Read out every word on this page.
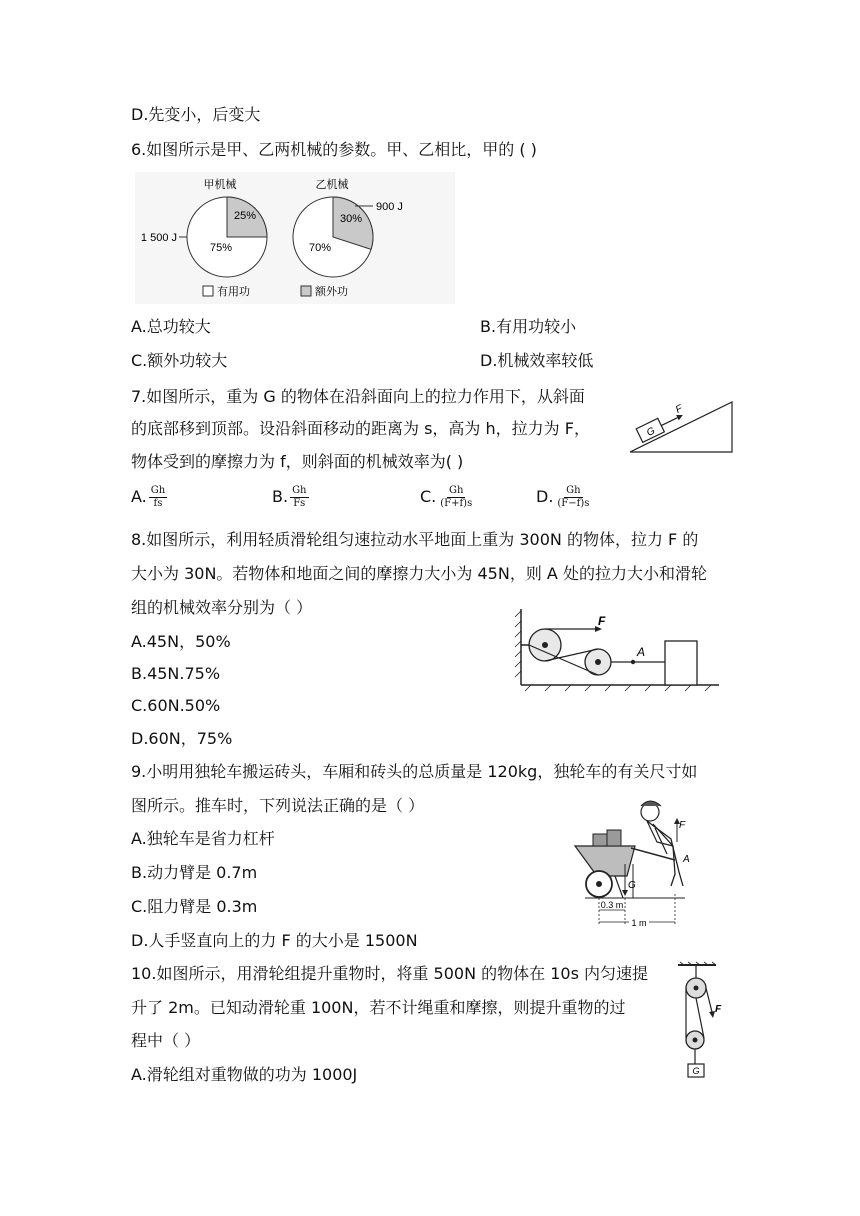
D.先变小，后变大
6.如图所示是甲、乙两机械的参数。甲、乙相比，甲的 ( )
甲机械
25%
75%
1 500 J
乙机械
30%
70%
900 J
有用功	额外功
A.总功较大	B.有用功较小
C.额外功较大	D.机械效率较低
7.如图所示，重为 G 的物体在沿斜面向上的拉力作用下，从斜面
的底部移到顶部。设沿斜面移动的距离为 s，高为 h，拉力为 F，
物体受到的摩擦力为 f，则斜面的机械效率为( )
G
F
A. $\frac{Gh}{fs}$	B. $\frac{Gh}{Fs}$	C. $\frac{Gh}{(F+f)s}$	D. $\frac{Gh}{(F-f)s}$
8.如图所示，利用轻质滑轮组匀速拉动水平地面上重为 300N 的物体，拉力 F 的
大小为 30N。若物体和地面之间的摩擦力大小为 45N，则 A 处的拉力大小和滑轮
组的机械效率分别为（ ）
F
A
A.45N，50%
B.45N.75%
C.60N.50%
D.60N，75%
9.小明用独轮车搬运砖头，车厢和砖头的总质量是 120kg，独轮车的有关尺寸如
图所示。推车时，下列说法正确的是（ ）
F
A
G
0.3 m
1 m
A.独轮车是省力杠杆
B.动力臂是 0.7m
C.阻力臂是 0.3m
D.人手竖直向上的力 F 的大小是 1500N
10.如图所示，用滑轮组提升重物时，将重 500N 的物体在 10s 内匀速提
升了 2m。已知动滑轮重 100N，若不计绳重和摩擦，则提升重物的过
程中（ ）
F
G
A.滑轮组对重物做的功为 1000J
